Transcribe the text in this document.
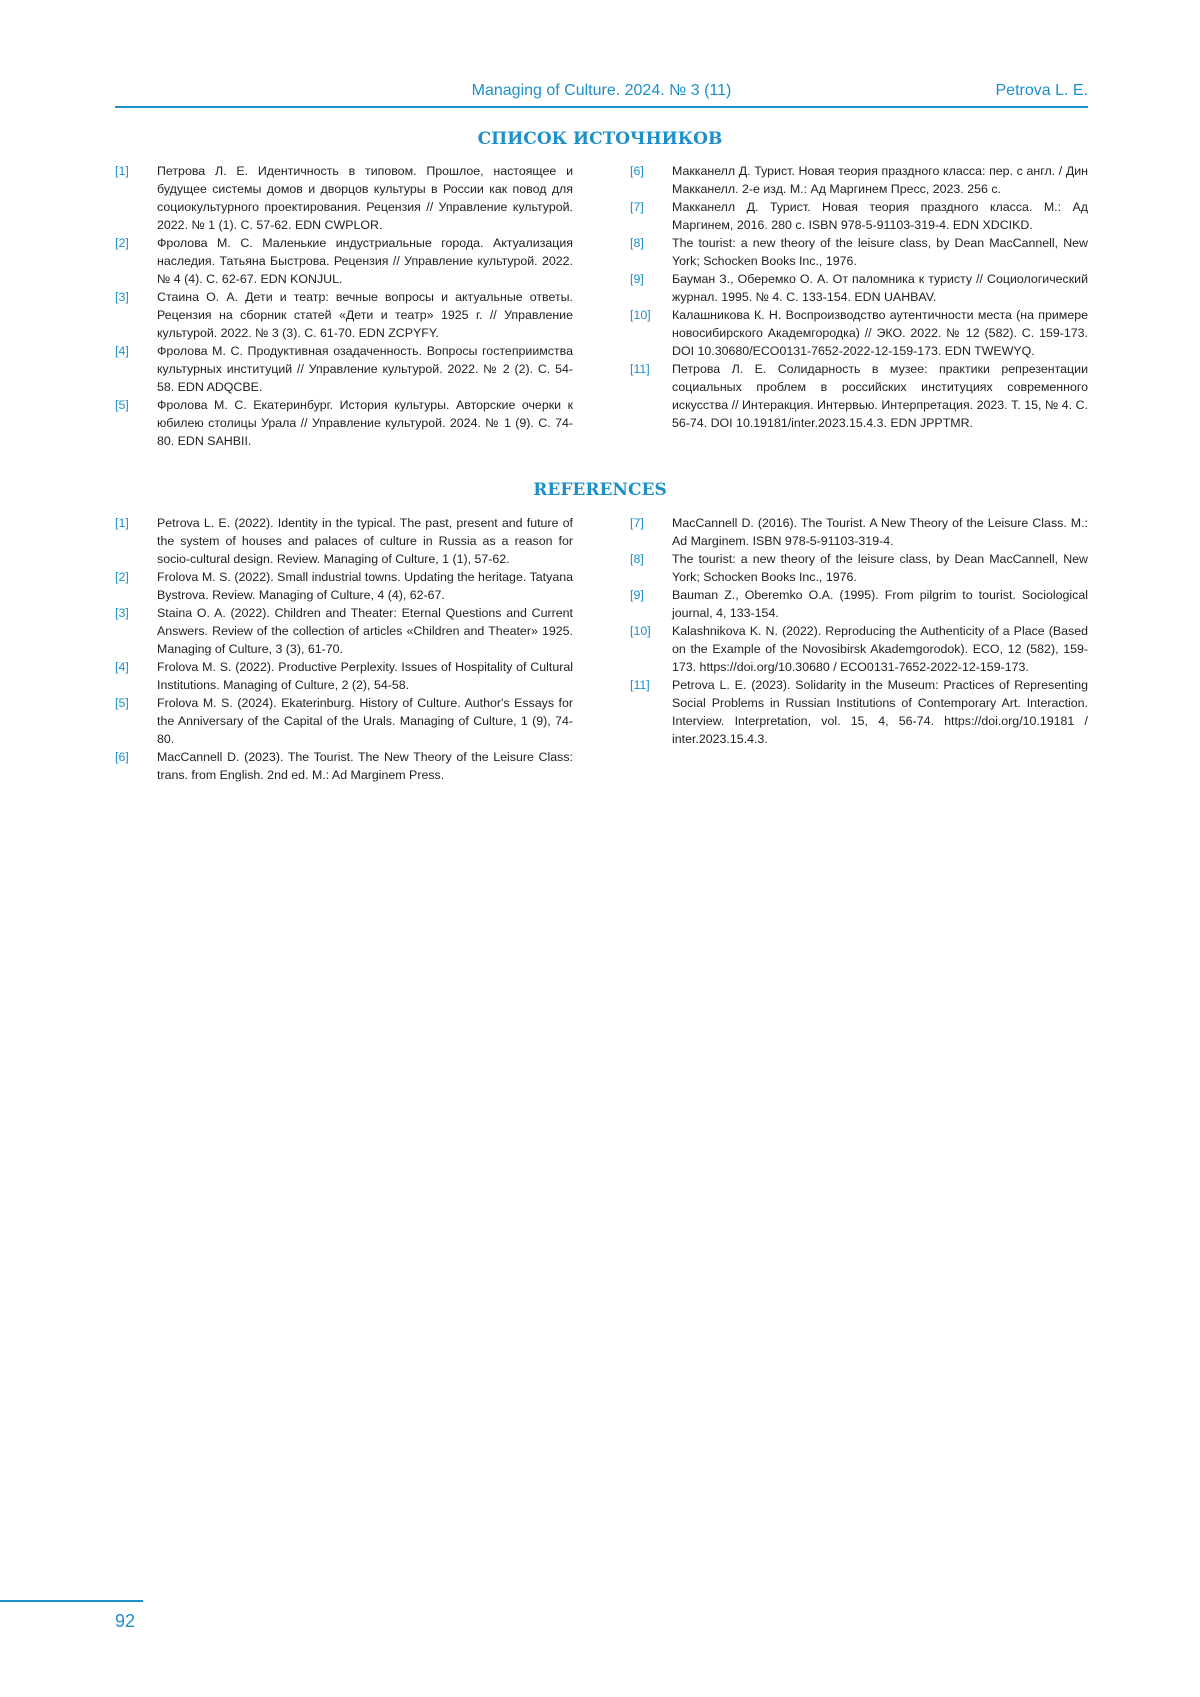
Managing of Culture. 2024. № 3 (11)	Petrova L. E.
СПИСОК ИСТОЧНИКОВ

[1] Петрова Л. Е. Идентичность в типовом. Прошлое, настоящее и будущее системы домов и дворцов культуры в России как повод для социокультурного проектирования. Рецензия // Управление культурой. 2022. № 1 (1). С. 57-62. EDN CWPLOR.

[2] Фролова М. С. Маленькие индустриальные города. Актуализация наследия. Татьяна Быстрова. Рецензия // Управление культурой. 2022. № 4 (4). С. 62-67. EDN KONJUL.

[3] Стаина О. А. Дети и театр: вечные вопросы и актуальные ответы. Рецензия на сборник статей «Дети и театр» 1925 г. // Управление культурой. 2022. № 3 (3). С. 61-70. EDN ZCPYFY.

[4] Фролова М. С. Продуктивная озадаченность. Вопросы гостеприимства культурных институций // Управление культурой. 2022. № 2 (2). С. 54-58. EDN ADQCBE.

[5] Фролова М. С. Екатеринбург. История культуры. Авторские очерки к юбилею столицы Урала // Управление культурой. 2024. № 1 (9). С. 74-80. EDN SAHBII.

[6] Макканелл Д. Турист. Новая теория праздного класса: пер. с англ. / Дин Макканелл. 2-е изд. М.: Ад Маргинем Пресс, 2023. 256 с.

[7] Макканелл Д. Турист. Новая теория праздного класса. М.: Ад Маргинем, 2016. 280 с. ISBN 978-5-91103-319-4. EDN XDCIKD.

[8] The tourist: a new theory of the leisure class, by Dean MacCannell, New York; Schocken Books Inc., 1976.

[9] Бауман З., Оберемко О. А. От паломника к туристу // Социологический журнал. 1995. № 4. С. 133-154. EDN UAHBAV.

[10] Калашникова К. Н. Воспроизводство аутентичности места (на примере новосибирского Академгородка) // ЭКО. 2022. № 12 (582). С. 159-173. DOI 10.30680/ECO0131-7652-2022-12-159-173. EDN TWEWYQ.

[11] Петрова Л. Е. Солидарность в музее: практики репрезентации социальных проблем в российских институциях современного искусства // Интеракция. Интервью. Интерпретация. 2023. Т. 15, № 4. С. 56-74. DOI 10.19181/inter.2023.15.4.3. EDN JPPTMR.

REFERENCES

[1] Petrova L. E. (2022). Identity in the typical. The past, present and future of the system of houses and palaces of culture in Russia as a reason for socio-cultural design. Review. Managing of Culture, 1 (1), 57-62.

[2] Frolova M. S. (2022). Small industrial towns. Updating the heritage. Tatyana Bystrova. Review. Managing of Culture, 4 (4), 62-67.

[3] Staina O. A. (2022). Children and Theater: Eternal Questions and Current Answers. Review of the collection of articles «Children and Theater» 1925. Managing of Culture, 3 (3), 61-70.

[4] Frolova M. S. (2022). Productive Perplexity. Issues of Hospitality of Cultural Institutions. Managing of Culture, 2 (2), 54-58.

[5] Frolova M. S. (2024). Ekaterinburg. History of Culture. Author's Essays for the Anniversary of the Capital of the Urals. Managing of Culture, 1 (9), 74-80.

[6] MacCannell D. (2023). The Tourist. The New Theory of the Leisure Class: trans. from English. 2nd ed. M.: Ad Marginem Press.

[7] MacCannell D. (2016). The Tourist. A New Theory of the Leisure Class. M.: Ad Marginem. ISBN 978-5-91103-319-4.

[8] The tourist: a new theory of the leisure class, by Dean MacCannell, New York; Schocken Books Inc., 1976.

[9] Bauman Z., Oberemko O.A. (1995). From pilgrim to tourist. Sociological journal, 4, 133-154.

[10] Kalashnikova K. N. (2022). Reproducing the Authenticity of a Place (Based on the Example of the Novosibirsk Akademgorodok). ECO, 12 (582), 159-173. https://doi.org/10.30680 / ECO0131-7652-2022-12-159-173.

[11] Petrova L. E. (2023). Solidarity in the Museum: Practices of Representing Social Problems in Russian Institutions of Contemporary Art. Interaction. Interview. Interpretation, vol. 15, 4, 56-74. https://doi.org/10.19181 / inter.2023.15.4.3.

92
